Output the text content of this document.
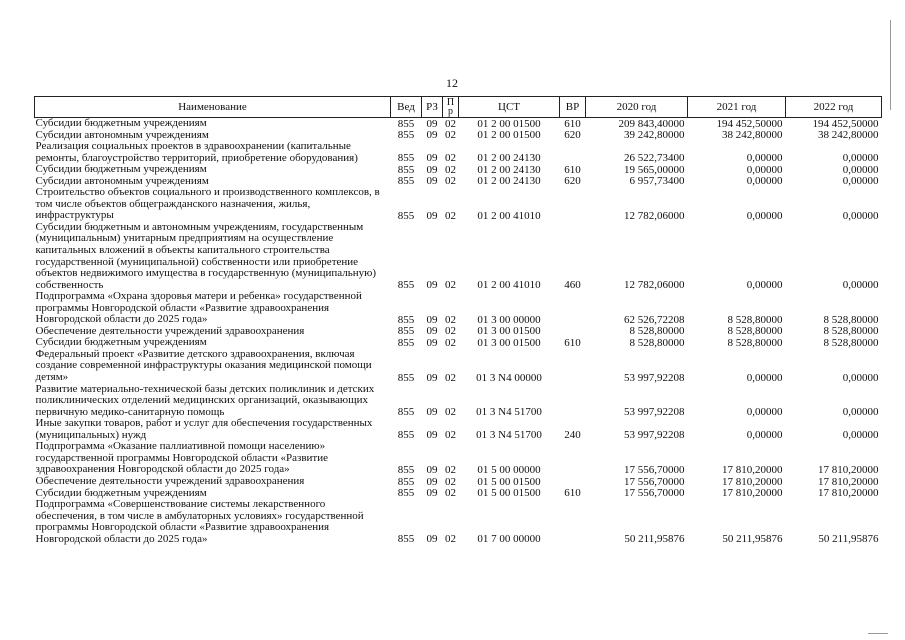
12
Наименование	Вед	РЗ	П р	ЦСТ	ВР	2020 год	2021 год	2022 год
Субсидии бюджетным учреждениям	855	09	02	01 2 00 01500	610	209 843,40000	194 452,50000	194 452,50000
Субсидии автономным учреждениям	855	09	02	01 2 00 01500	620	39 242,80000	38 242,80000	38 242,80000
Реализация социальных проектов в здравоохранении (капитальные ремонты, благоустройство территорий, приобретение оборудования)	855	09	02	01 2 00 24130		26 522,73400	0,00000	0,00000
Субсидии бюджетным учреждениям	855	09	02	01 2 00 24130	610	19 565,00000	0,00000	0,00000
Субсидии автономным учреждениям	855	09	02	01 2 00 24130	620	6 957,73400	0,00000	0,00000
Строительство объектов социального и производственного комплексов, в том числе объектов общегражданского назначения, жилья, инфраструктуры	855	09	02	01 2 00 41010		12 782,06000	0,00000	0,00000
Субсидии бюджетным и автономным учреждениям, государственным (муниципальным) унитарным предприятиям на осуществление капитальных вложений в объекты капитального строительства государственной (муниципальной) собственности или приобретение объектов недвижимого имущества в государственную (муниципальную) собственность	855	09	02	01 2 00 41010	460	12 782,06000	0,00000	0,00000
Подпрограмма «Охрана здоровья матери и ребенка» государственной программы Новгородской области «Развитие здравоохранения Новгородской области до 2025 года»	855	09	02	01 3 00 00000		62 526,72208	8 528,80000	8 528,80000
Обеспечение деятельности учреждений здравоохранения	855	09	02	01 3 00 01500		8 528,80000	8 528,80000	8 528,80000
Субсидии бюджетным учреждениям	855	09	02	01 3 00 01500	610	8 528,80000	8 528,80000	8 528,80000
Федеральный проект «Развитие детского здравоохранения, включая создание современной инфраструктуры оказания медицинской помощи детям»	855	09	02	01 3 N4 00000		53 997,92208	0,00000	0,00000
Развитие материально-технической базы детских поликлиник и детских поликлинических отделений медицинских организаций, оказывающих первичную медико-санитарную помощь	855	09	02	01 3 N4 51700		53 997,92208	0,00000	0,00000
Иные закупки товаров, работ и услуг для обеспечения государственных (муниципальных) нужд	855	09	02	01 3 N4 51700	240	53 997,92208	0,00000	0,00000
Подпрограмма «Оказание паллиативной помощи населению» государственной программы Новгородской области «Развитие здравоохранения Новгородской области до 2025 года»	855	09	02	01 5 00 00000		17 556,70000	17 810,20000	17 810,20000
Обеспечение деятельности учреждений здравоохранения	855	09	02	01 5 00 01500		17 556,70000	17 810,20000	17 810,20000
Субсидии бюджетным учреждениям	855	09	02	01 5 00 01500	610	17 556,70000	17 810,20000	17 810,20000
Подпрограмма «Совершенствование системы лекарственного обеспечения, в том числе в амбулаторных условиях» государственной программы Новгородской области «Развитие здравоохранения Новгородской области до 2025 года»	855	09	02	01 7 00 00000		50 211,95876	50 211,95876	50 211,95876
